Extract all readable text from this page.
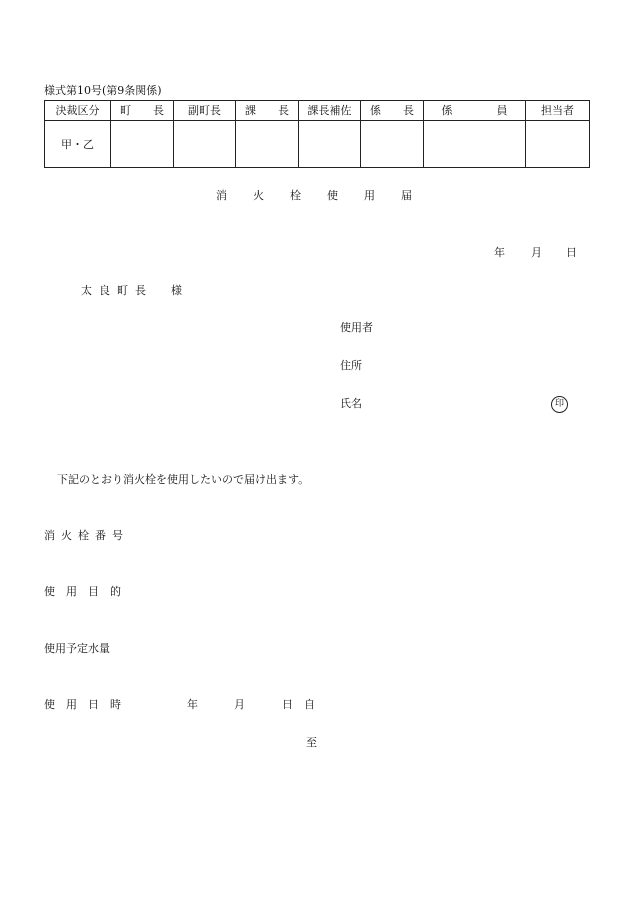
様式第10号(第9条関係)
決裁区分	町　　長	副町長	課　　長	課長補佐	係　　長	係　　　　員	担当者
甲・乙							
消火栓使用届
年 月 日
太良町長　様
使用者
住所
氏名	印
下記のとおり消火栓を使用したいので届け出ます。
消火栓番号
使用目的
使用予定水量
使用日時	年	月	日自
至
